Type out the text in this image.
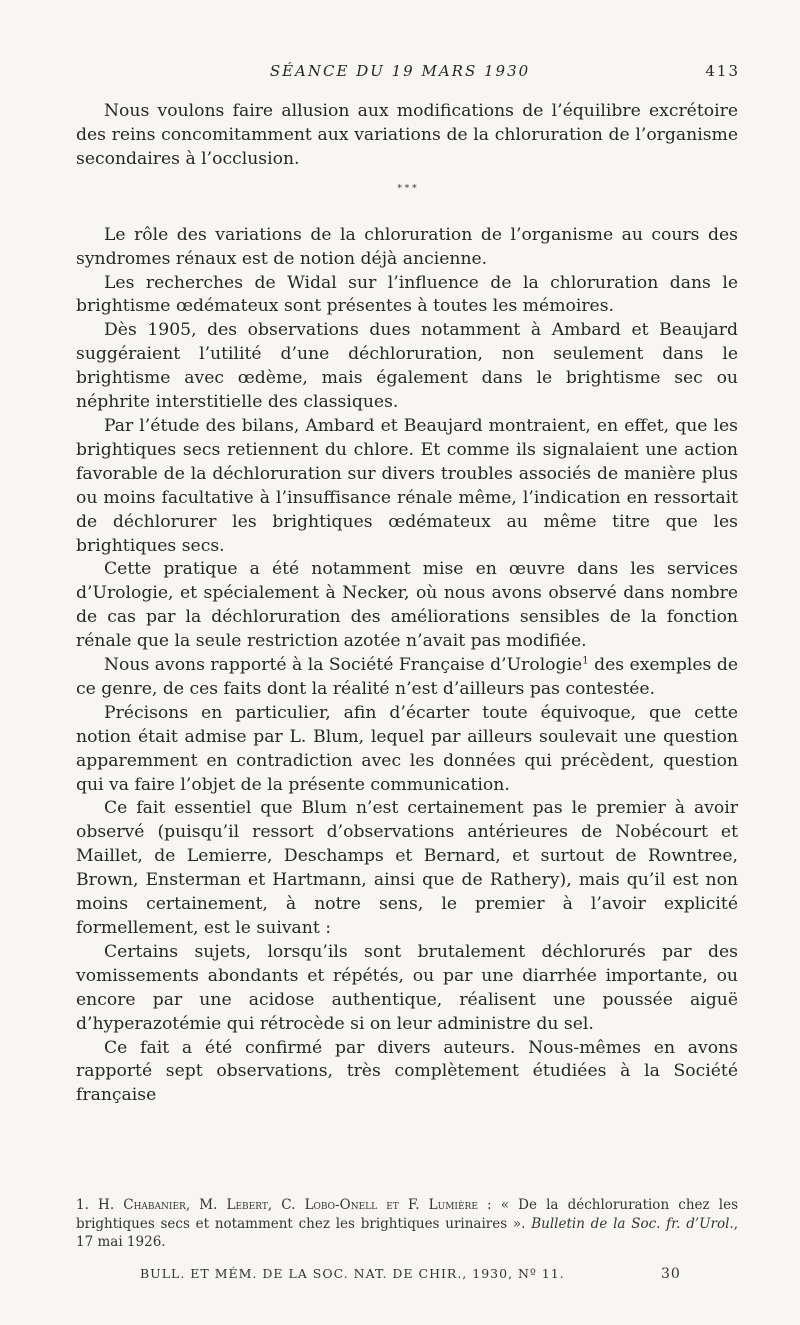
SÉANCE DU 19 MARS 1930	413

Nous voulons faire allusion aux modifications de l’équilibre excrétoire des reins concomitamment aux variations de la chloruration de l’organisme secondaires à l’occlusion.

* * *

Le rôle des variations de la chloruration de l’organisme au cours des syndromes rénaux est de notion déjà ancienne.

Les recherches de Widal sur l’influence de la chloruration dans le brightisme œdémateux sont présentes à toutes les mémoires.

Dès 1905, des observations dues notamment à Ambard et Beaujard suggéraient l’utilité d’une déchloruration, non seulement dans le brightisme avec œdème, mais également dans le brightisme sec ou néphrite interstitielle des classiques.

Par l’étude des bilans, Ambard et Beaujard montraient, en effet, que les brightiques secs retiennent du chlore. Et comme ils signalaient une action favorable de la déchloruration sur divers troubles associés de manière plus ou moins facultative à l’insuffisance rénale même, l’indication en ressortait de déchlorurer les brightiques œdémateux au même titre que les brightiques secs.

Cette pratique a été notamment mise en œuvre dans les services d’Urologie, et spécialement à Necker, où nous avons observé dans nombre de cas par la déchloruration des améliorations sensibles de la fonction rénale que la seule restriction azotée n’avait pas modifiée.

Nous avons rapporté à la Société Française d’Urologie$^1$ des exemples de ce genre, de ces faits dont la réalité n’est d’ailleurs pas contestée.

Précisons en particulier, afin d’écarter toute équivoque, que cette notion était admise par L. Blum, lequel par ailleurs soulevait une question apparemment en contradiction avec les données qui précèdent, question qui va faire l’objet de la présente communication.

Ce fait essentiel que Blum n’est certainement pas le premier à avoir observé (puisqu’il ressort d’observations antérieures de Nobécourt et Maillet, de Lemierre, Deschamps et Bernard, et surtout de Rowntree, Brown, Ensterman et Hartmann, ainsi que de Rathery), mais qu’il est non moins certainement, à notre sens, le premier à l’avoir explicité formellement, est le suivant :

Certains sujets, lorsqu’ils sont brutalement déchlorurés par des vomissements abondants et répétés, ou par une diarrhée importante, ou encore par une acidose authentique, réalisent une poussée aiguë d’hyperazotémie qui rétrocède si on leur administre du sel.

Ce fait a été confirmé par divers auteurs. Nous-mêmes en avons rapporté sept observations, très complètement étudiées à la Société française

1. H. Chabanier, M. Lebert, C. Lobo-Onell et F. Lumière : « De la déchloruration chez les brightiques secs et notamment chez les brightiques urinaires ». Bulletin de la Soc. fr. d’Urol., 17 mai 1926.
BULL. ET MÉM. DE LA SOC. NAT. DE CHIR., 1930, Nº 11.	30
